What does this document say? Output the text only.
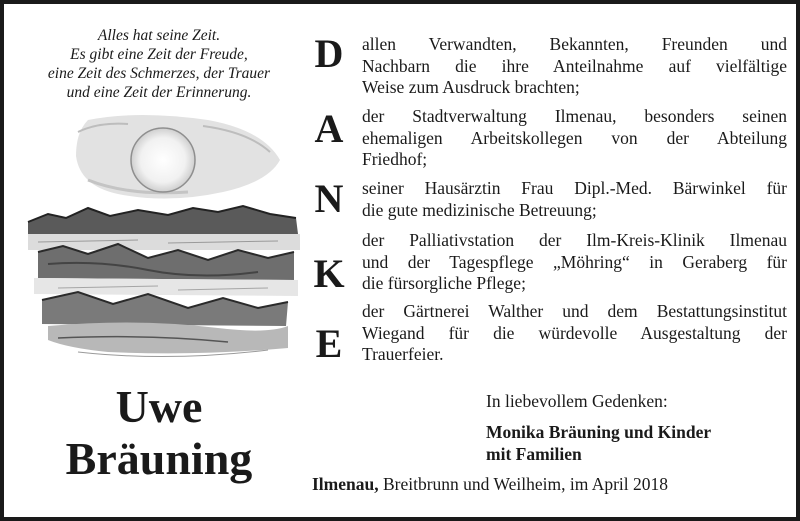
Alles hat seine Zeit.
Es gibt eine Zeit der Freude,
eine Zeit des Schmerzes, der Trauer
und eine Zeit der Erinnerung.
Uwe
Bräuning
D
A
N
K
E
allen Verwandten, Bekannten, Freunden und
Nachbarn die ihre Anteilnahme auf vielfältige
Weise zum Ausdruck brachten;
der Stadtverwaltung Ilmenau, besonders seinen
ehemaligen Arbeitskollegen von der Abteilung
Friedhof;
seiner Hausärztin Frau Dipl.-Med. Bärwinkel für
die gute medizinische Betreuung;
der Palliativstation der Ilm-Kreis-Klinik Ilmenau
und der Tagespflege „Möhring“ in Geraberg für
die fürsorgliche Pflege;
der Gärtnerei Walther und dem Bestattungsinstitut
Wiegand für die würdevolle Ausgestaltung der
Trauerfeier.
In liebevollem Gedenken:
Monika Bräuning und Kinder
mit Familien
Ilmenau, Breitbrunn und Weilheim, im April 2018
